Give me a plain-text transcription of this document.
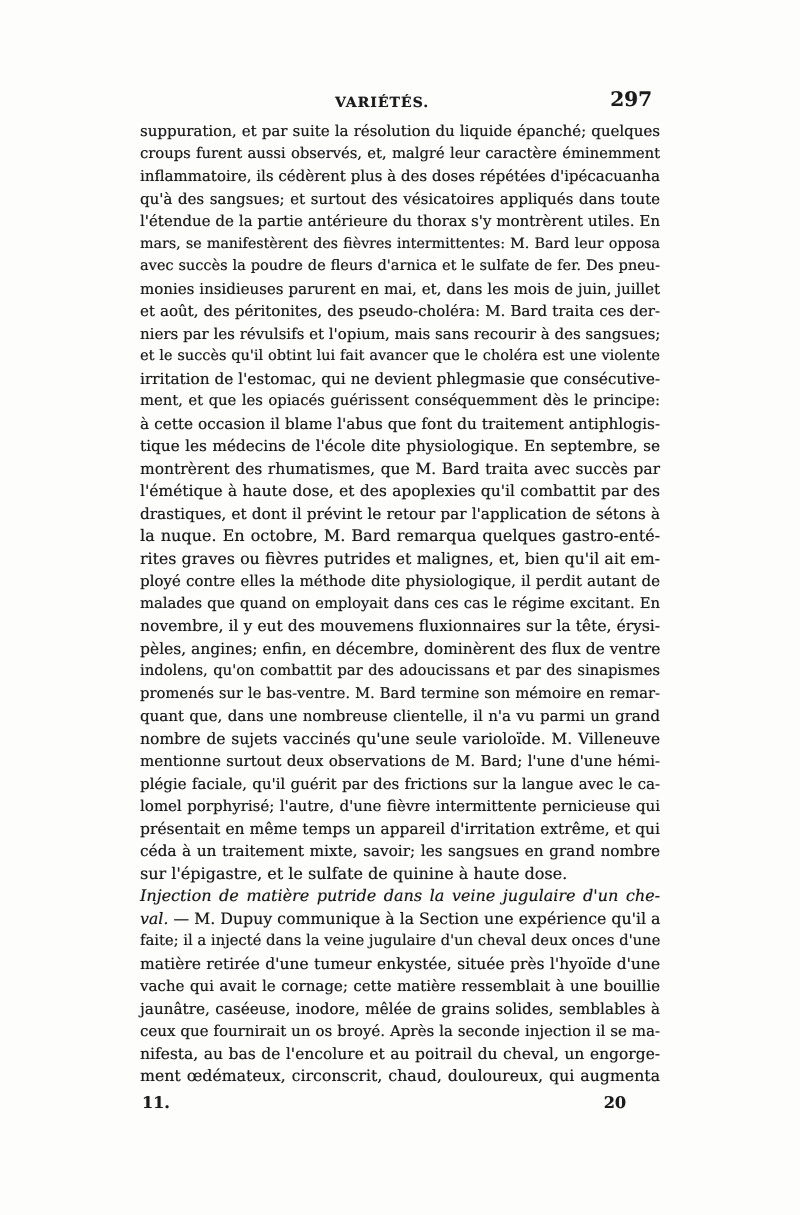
VARIÉTÉS.	297
suppuration, et par suite la résolution du liquide épanché; quelques
croups furent aussi observés, et, malgré leur caractère éminemment
inflammatoire, ils cédèrent plus à des doses répétées d'ipécacuanha
qu'à des sangsues; et surtout des vésicatoires appliqués dans toute
l'étendue de la partie antérieure du thorax s'y montrèrent utiles. En
mars, se manifestèrent des fièvres intermittentes: M. Bard leur opposa
avec succès la poudre de fleurs d'arnica et le sulfate de fer. Des pneu-
monies insidieuses parurent en mai, et, dans les mois de juin, juillet
et août, des péritonites, des pseudo-choléra: M. Bard traita ces der-
niers par les révulsifs et l'opium, mais sans recourir à des sangsues;
et le succès qu'il obtint lui fait avancer que le choléra est une violente
irritation de l'estomac, qui ne devient phlegmasie que consécutive-
ment, et que les opiacés guérissent conséquemment dès le principe:
à cette occasion il blame l'abus que font du traitement antiphlogis-
tique les médecins de l'école dite physiologique. En septembre, se
montrèrent des rhumatismes, que M. Bard traita avec succès par
l'émétique à haute dose, et des apoplexies qu'il combattit par des
drastiques, et dont il prévint le retour par l'application de sétons à
la nuque. En octobre, M. Bard remarqua quelques gastro-enté-
rites graves ou fièvres putrides et malignes, et, bien qu'il ait em-
ployé contre elles la méthode dite physiologique, il perdit autant de
malades que quand on employait dans ces cas le régime excitant. En
novembre, il y eut des mouvemens fluxionnaires sur la tête, érysi-
pèles, angines; enfin, en décembre, dominèrent des flux de ventre
indolens, qu'on combattit par des adoucissans et par des sinapismes
promenés sur le bas-ventre. M. Bard termine son mémoire en remar-
quant que, dans une nombreuse clientelle, il n'a vu parmi un grand
nombre de sujets vaccinés qu'une seule varioloïde. M. Villeneuve
mentionne surtout deux observations de M. Bard; l'une d'une hémi-
plégie faciale, qu'il guérit par des frictions sur la langue avec le ca-
lomel porphyrisé; l'autre, d'une fièvre intermittente pernicieuse qui
présentait en même temps un appareil d'irritation extrême, et qui
céda à un traitement mixte, savoir; les sangsues en grand nombre
sur l'épigastre, et le sulfate de quinine à haute dose.
Injection de matière putride dans la veine jugulaire d'un che-
val. — M. Dupuy communique à la Section une expérience qu'il a
faite; il a injecté dans la veine jugulaire d'un cheval deux onces d'une
matière retirée d'une tumeur enkystée, située près l'hyoïde d'une
vache qui avait le cornage; cette matière ressemblait à une bouillie
jaunâtre, caséeuse, inodore, mêlée de grains solides, semblables à
ceux que fournirait un os broyé. Après la seconde injection il se ma-
nifesta, au bas de l'encolure et au poitrail du cheval, un engorge-
ment œdémateux, circonscrit, chaud, douloureux, qui augmenta
11.	20
